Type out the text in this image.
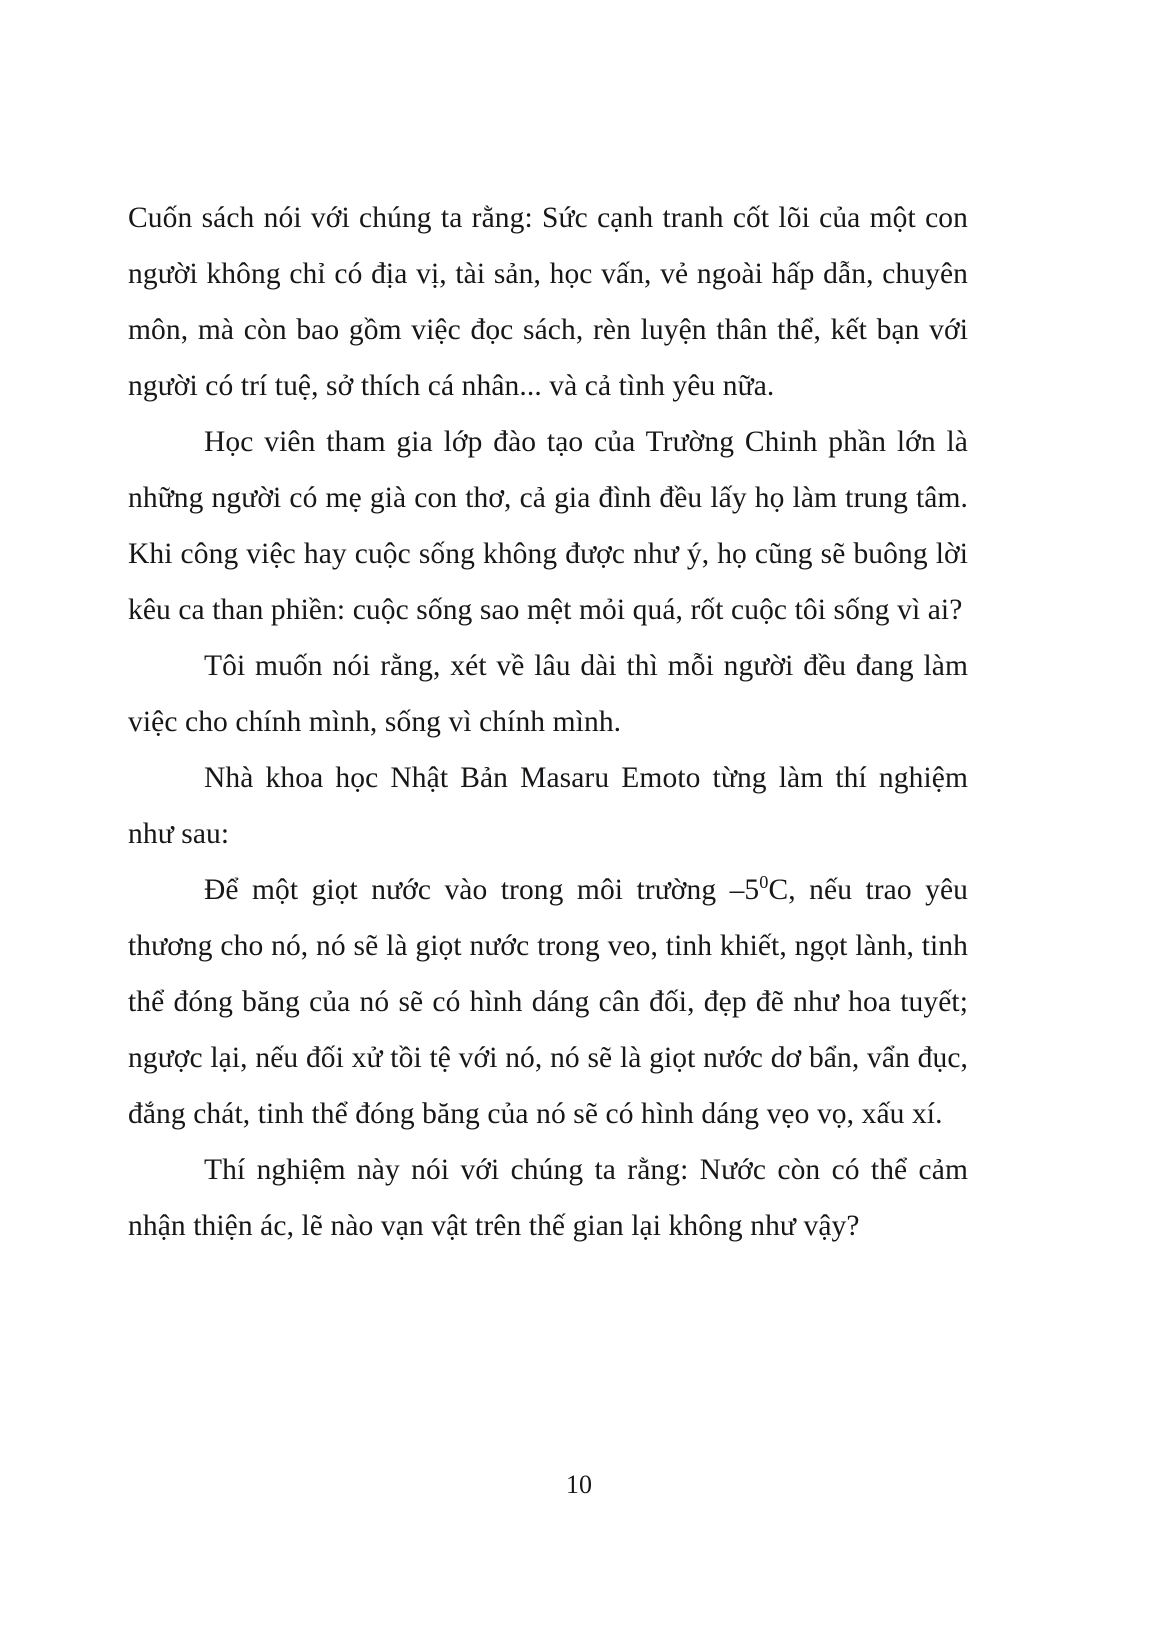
Cuốn sách nói với chúng ta rằng: Sức cạnh tranh cốt lõi của một con người không chỉ có địa vị, tài sản, học vấn, vẻ ngoài hấp dẫn, chuyên môn, mà còn bao gồm việc đọc sách, rèn luyện thân thể, kết bạn với người có trí tuệ, sở thích cá nhân... và cả tình yêu nữa.

Học viên tham gia lớp đào tạo của Trường Chinh phần lớn là những người có mẹ già con thơ, cả gia đình đều lấy họ làm trung tâm. Khi công việc hay cuộc sống không được như ý, họ cũng sẽ buông lời kêu ca than phiền: cuộc sống sao mệt mỏi quá, rốt cuộc tôi sống vì ai?

Tôi muốn nói rằng, xét về lâu dài thì mỗi người đều đang làm việc cho chính mình, sống vì chính mình.

Nhà khoa học Nhật Bản Masaru Emoto từng làm thí nghiệm như sau:

Để một giọt nước vào trong môi trường $-5^0C$, nếu trao yêu thương cho nó, nó sẽ là giọt nước trong veo, tinh khiết, ngọt lành, tinh thể đóng băng của nó sẽ có hình dáng cân đối, đẹp đẽ như hoa tuyết; ngược lại, nếu đối xử tồi tệ với nó, nó sẽ là giọt nước dơ bẩn, vẩn đục, đắng chát, tinh thể đóng băng của nó sẽ có hình dáng vẹo vọ, xấu xí.

Thí nghiệm này nói với chúng ta rằng: Nước còn có thể cảm nhận thiện ác, lẽ nào vạn vật trên thế gian lại không như vậy?

10
